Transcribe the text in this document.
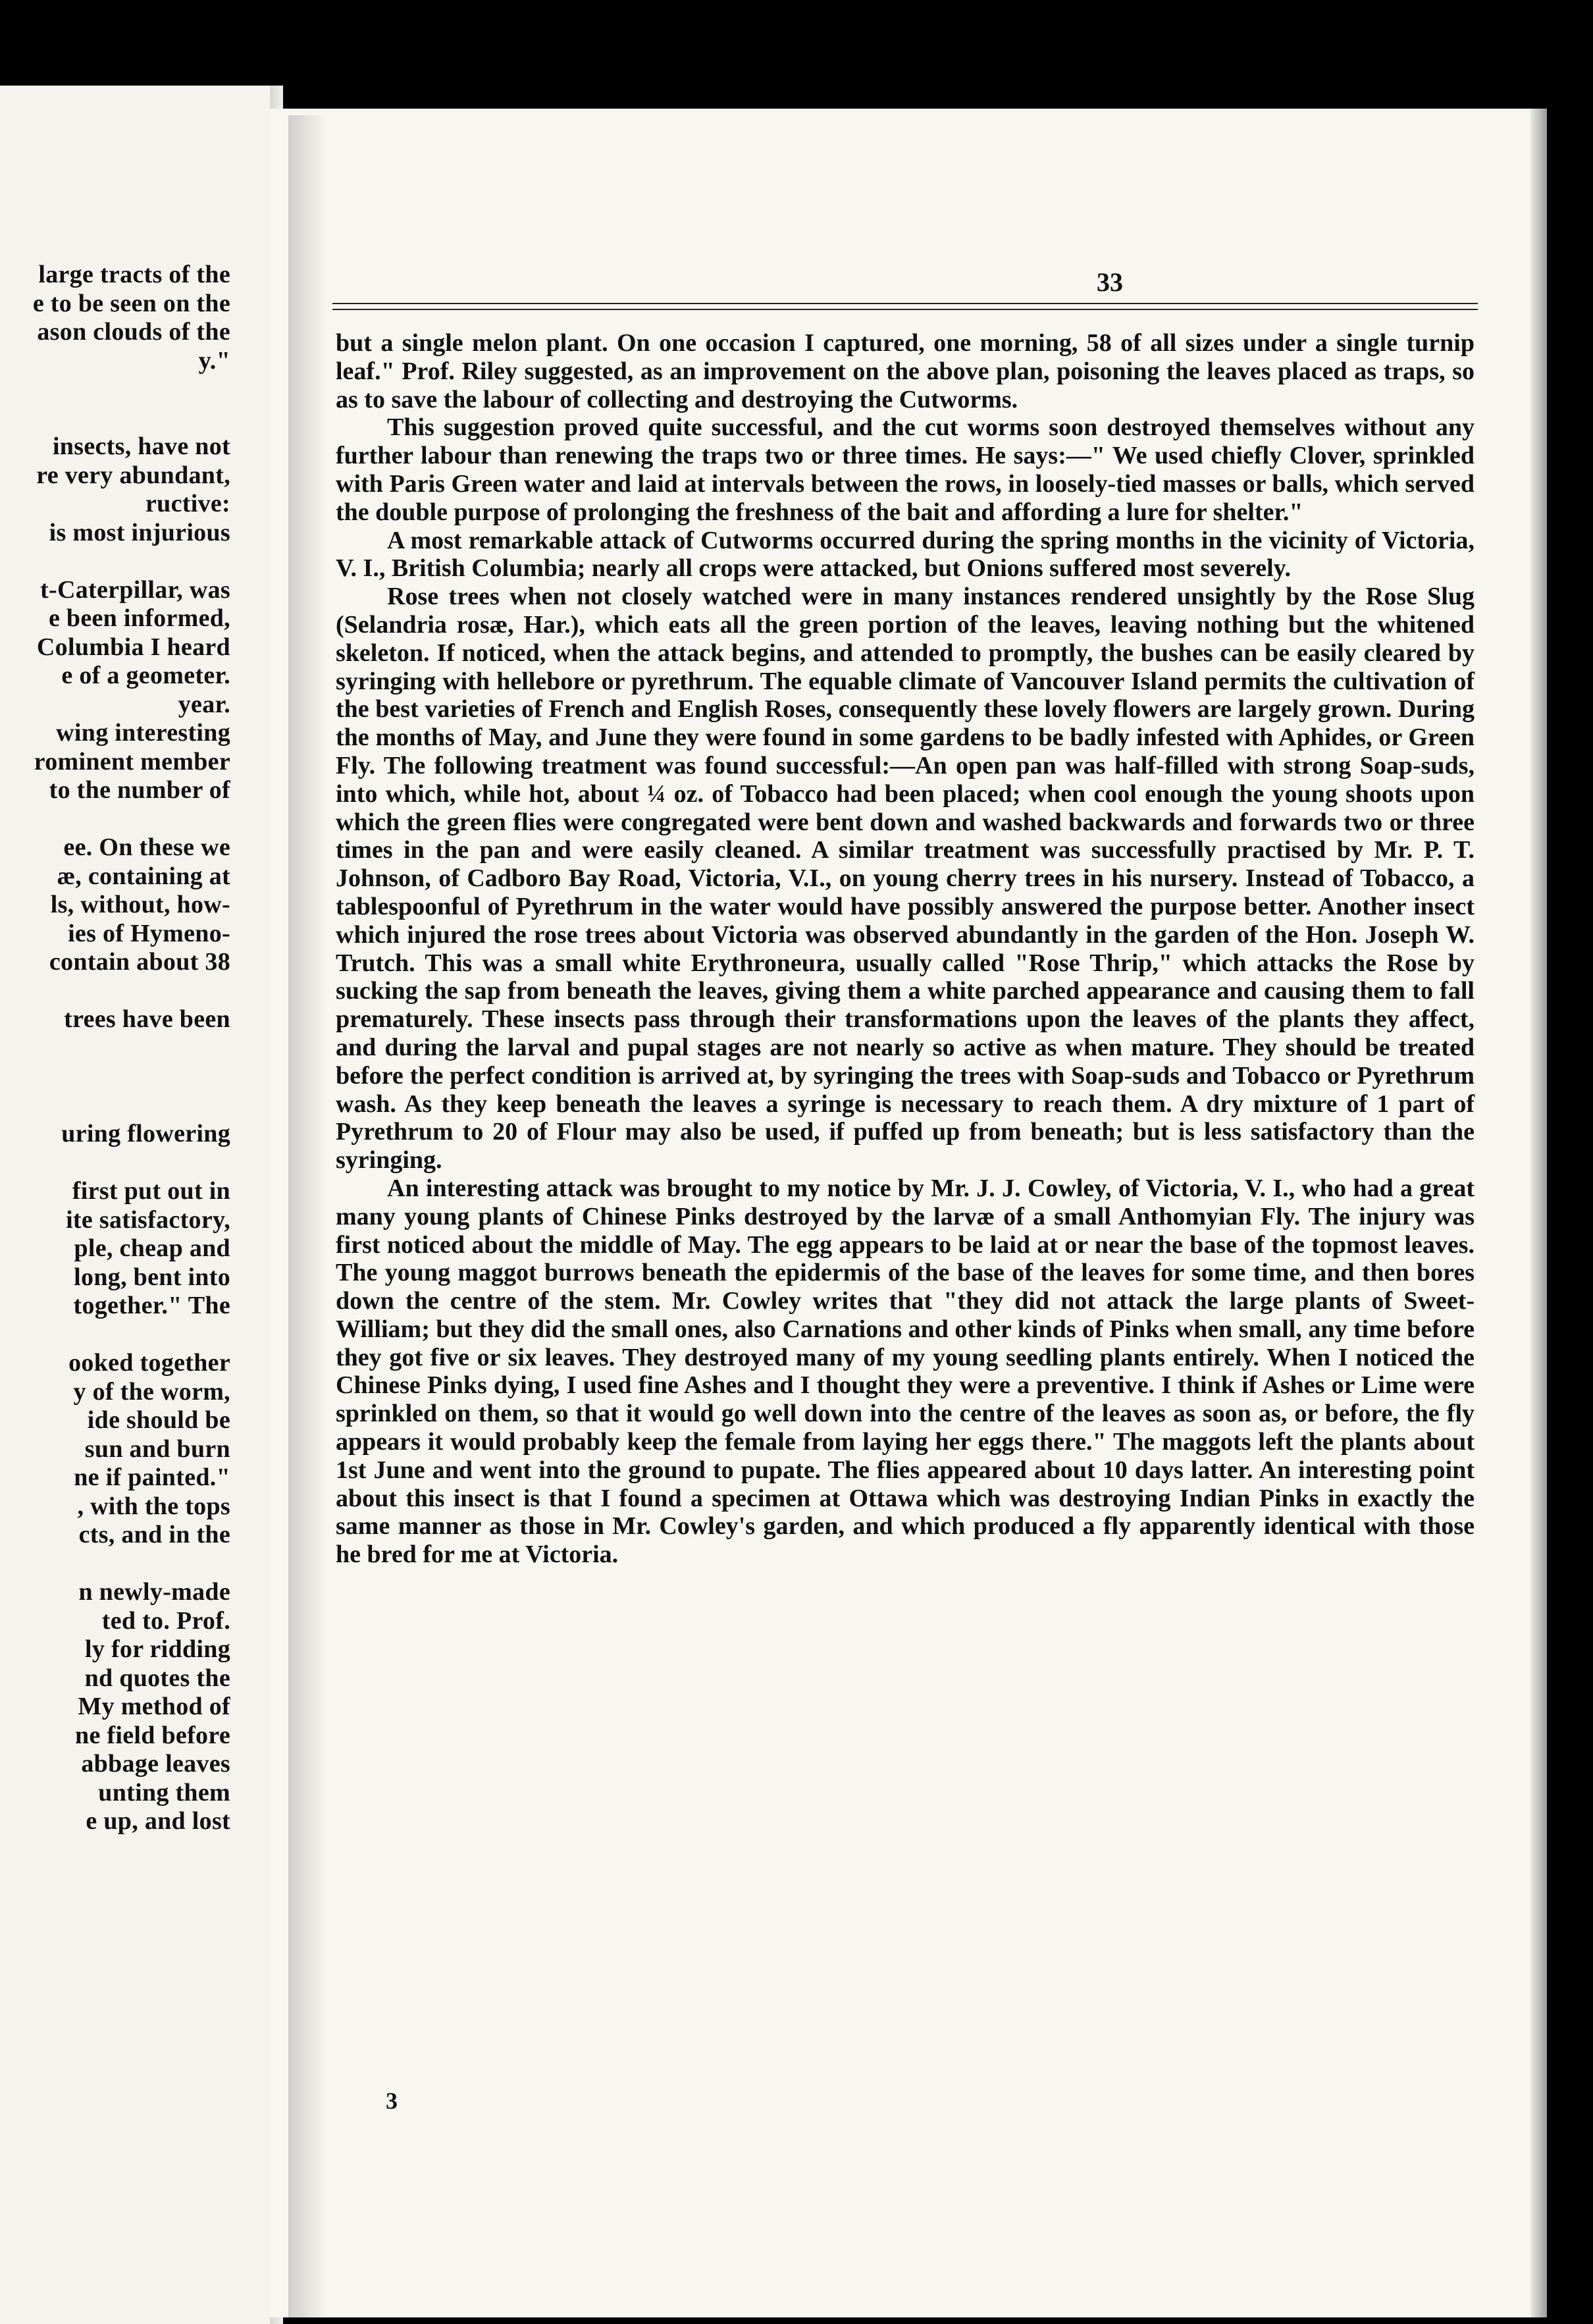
large tracts of the
e to be seen on the
ason clouds of the
y."
insects, have not
re very abundant,
ructive:
is most injurious
t-Caterpillar, was
e been informed,
Columbia I heard
e of a geometer.
year.
wing interesting
rominent member
to the number of
ee. On these we
æ, containing at
ls, without, how-
ies of Hymeno-
contain about 38
trees have been
uring flowering
first put out in
ite satisfactory,
ple, cheap and
long, bent into
together." The
ooked together
y of the worm,
ide should be
sun and burn
ne if painted."
, with the tops
cts, and in the
n newly-made
ted to. Prof.
ly for ridding
nd quotes the
My method of
ne field before
abbage leaves
unting them
e up, and lost
33

but a single melon plant. On one occasion I captured, one morning, 58 of all sizes under a single turnip leaf." Prof. Riley suggested, as an improvement on the above plan, poisoning the leaves placed as traps, so as to save the labour of collecting and destroying the Cutworms.

This suggestion proved quite successful, and the cut worms soon destroyed themselves without any further labour than renewing the traps two or three times. He says:—" We used chiefly Clover, sprinkled with Paris Green water and laid at intervals between the rows, in loosely-tied masses or balls, which served the double purpose of prolonging the freshness of the bait and affording a lure for shelter."

A most remarkable attack of Cutworms occurred during the spring months in the vicinity of Victoria, V. I., British Columbia; nearly all crops were attacked, but Onions suffered most severely.

Rose trees when not closely watched were in many instances rendered unsightly by the Rose Slug (Selandria rosæ, Har.), which eats all the green portion of the leaves, leaving nothing but the whitened skeleton. If noticed, when the attack begins, and attended to promptly, the bushes can be easily cleared by syringing with hellebore or pyrethrum. The equable climate of Vancouver Island permits the cultivation of the best varieties of French and English Roses, consequently these lovely flowers are largely grown. During the months of May, and June they were found in some gardens to be badly infested with Aphides, or Green Fly. The following treatment was found successful:—An open pan was half-filled with strong Soap-suds, into which, while hot, about ¼ oz. of Tobacco had been placed; when cool enough the young shoots upon which the green flies were congregated were bent down and washed backwards and forwards two or three times in the pan and were easily cleaned. A similar treatment was successfully practised by Mr. P. T. Johnson, of Cadboro Bay Road, Victoria, V.I., on young cherry trees in his nursery. Instead of Tobacco, a tablespoonful of Pyrethrum in the water would have possibly answered the purpose better. Another insect which injured the rose trees about Victoria was observed abundantly in the garden of the Hon. Joseph W. Trutch. This was a small white Erythroneura, usually called "Rose Thrip," which attacks the Rose by sucking the sap from beneath the leaves, giving them a white parched appearance and causing them to fall prematurely. These insects pass through their transformations upon the leaves of the plants they affect, and during the larval and pupal stages are not nearly so active as when mature. They should be treated before the perfect condition is arrived at, by syringing the trees with Soap-suds and Tobacco or Pyrethrum wash. As they keep beneath the leaves a syringe is necessary to reach them. A dry mixture of 1 part of Pyrethrum to 20 of Flour may also be used, if puffed up from beneath; but is less satisfactory than the syringing.

An interesting attack was brought to my notice by Mr. J. J. Cowley, of Victoria, V. I., who had a great many young plants of Chinese Pinks destroyed by the larvæ of a small Anthomyian Fly. The injury was first noticed about the middle of May. The egg appears to be laid at or near the base of the topmost leaves. The young maggot burrows beneath the epidermis of the base of the leaves for some time, and then bores down the centre of the stem. Mr. Cowley writes that "they did not attack the large plants of Sweet-William; but they did the small ones, also Carnations and other kinds of Pinks when small, any time before they got five or six leaves. They destroyed many of my young seedling plants entirely. When I noticed the Chinese Pinks dying, I used fine Ashes and I thought they were a preventive. I think if Ashes or Lime were sprinkled on them, so that it would go well down into the centre of the leaves as soon as, or before, the fly appears it would probably keep the female from laying her eggs there." The maggots left the plants about 1st June and went into the ground to pupate. The flies appeared about 10 days latter. An interesting point about this insect is that I found a specimen at Ottawa which was destroying Indian Pinks in exactly the same manner as those in Mr. Cowley's garden, and which produced a fly apparently identical with those he bred for me at Victoria.

3
